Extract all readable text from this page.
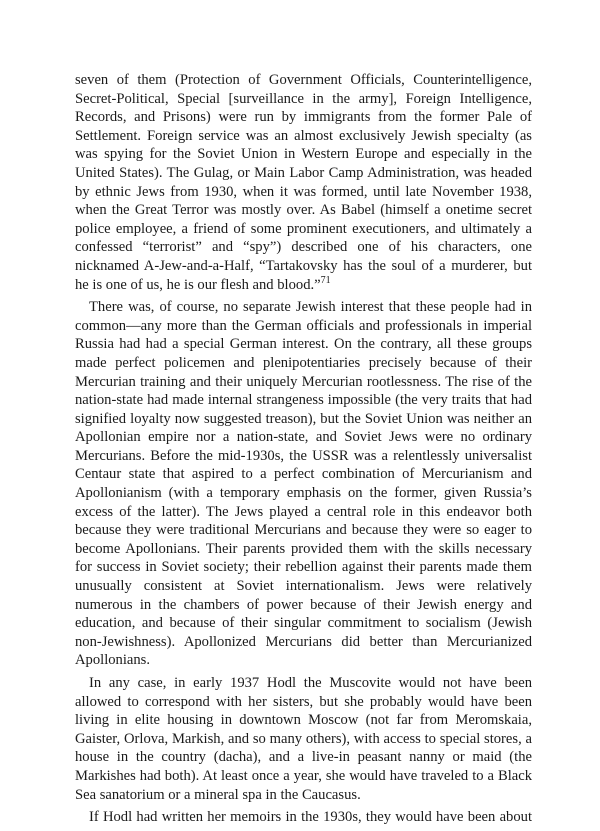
seven of them (Protection of Government Officials, Counterintelligence, Secret-Political, Special [surveillance in the army], Foreign Intelligence, Records, and Prisons) were run by immigrants from the former Pale of Settlement. Foreign service was an almost exclusively Jewish specialty (as was spying for the Soviet Union in Western Europe and especially in the United States). The Gulag, or Main Labor Camp Administration, was headed by ethnic Jews from 1930, when it was formed, until late November 1938, when the Great Terror was mostly over. As Babel (himself a onetime secret police employee, a friend of some prominent executioners, and ultimately a confessed “terrorist” and “spy”) described one of his characters, one nicknamed A-Jew-and-a-Half, “Tartakovsky has the soul of a murderer, but he is one of us, he is our flesh and blood.”$^{71}$

There was, of course, no separate Jewish interest that these people had in common—any more than the German officials and professionals in imperial Russia had had a special German interest. On the contrary, all these groups made perfect policemen and plenipotentiaries precisely because of their Mercurian training and their uniquely Mercurian rootlessness. The rise of the nation-state had made internal strangeness impossible (the very traits that had signified loyalty now suggested treason), but the Soviet Union was neither an Apollonian empire nor a nation-state, and Soviet Jews were no ordinary Mercurians. Before the mid-1930s, the USSR was a relentlessly universalist Centaur state that aspired to a perfect combination of Mercurianism and Apollonianism (with a temporary emphasis on the former, given Russia’s excess of the latter). The Jews played a central role in this endeavor both because they were traditional Mercurians and because they were so eager to become Apollonians. Their parents provided them with the skills necessary for success in Soviet society; their rebellion against their parents made them unusually consistent at Soviet internationalism. Jews were relatively numerous in the chambers of power because of their Jewish energy and education, and because of their singular commitment to socialism (Jewish non-Jewishness). Apollonized Mercurians did better than Mercurianized Apollonians.

In any case, in early 1937 Hodl the Muscovite would not have been allowed to correspond with her sisters, but she probably would have been living in elite housing in downtown Moscow (not far from Meromskaia, Gaister, Orlova, Markish, and so many others), with access to special stores, a house in the country (dacha), and a live-in peasant nanny or maid (the Markishes had both). At least once a year, she would have traveled to a Black Sea sanatorium or a mineral spa in the Caucasus.

If Hodl had written her memoirs in the 1930s, they would have been about
